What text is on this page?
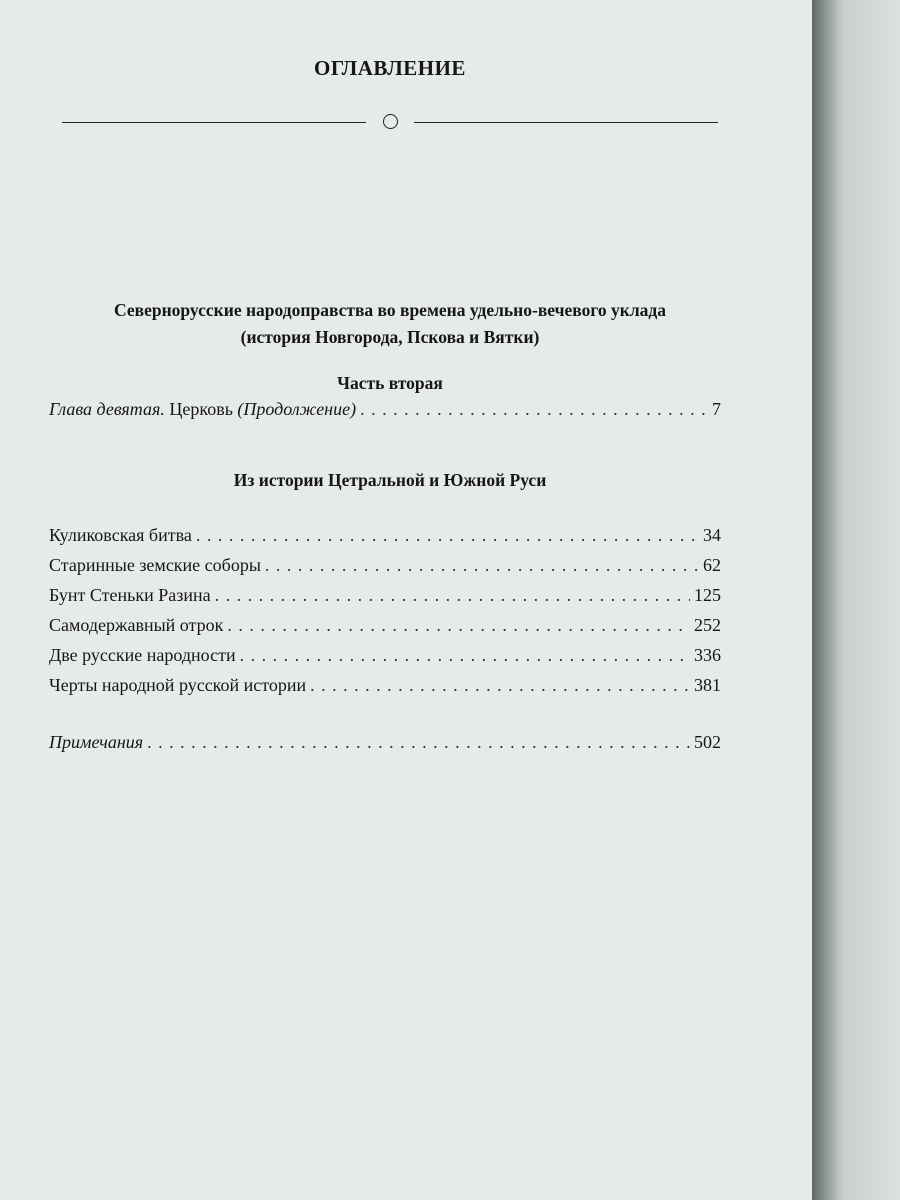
ОГЛАВЛЕНИЕ
Севернорусские народоправства во времена удельно-вечевого уклада
(история Новгорода, Пскова и Вятки)
Часть вторая
Глава девятая. Церковь (Продолжение) . . .	7
Из истории Цетральной и Южной Руси
Куликовская битва . . .	34
Старинные земские соборы . . .	62
Бунт Стеньки Разина . . .	125
Самодержавный отрок . . .	252
Две русские народности . . .	336
Черты народной русской истории . . .	381
Примечания . . .	502
